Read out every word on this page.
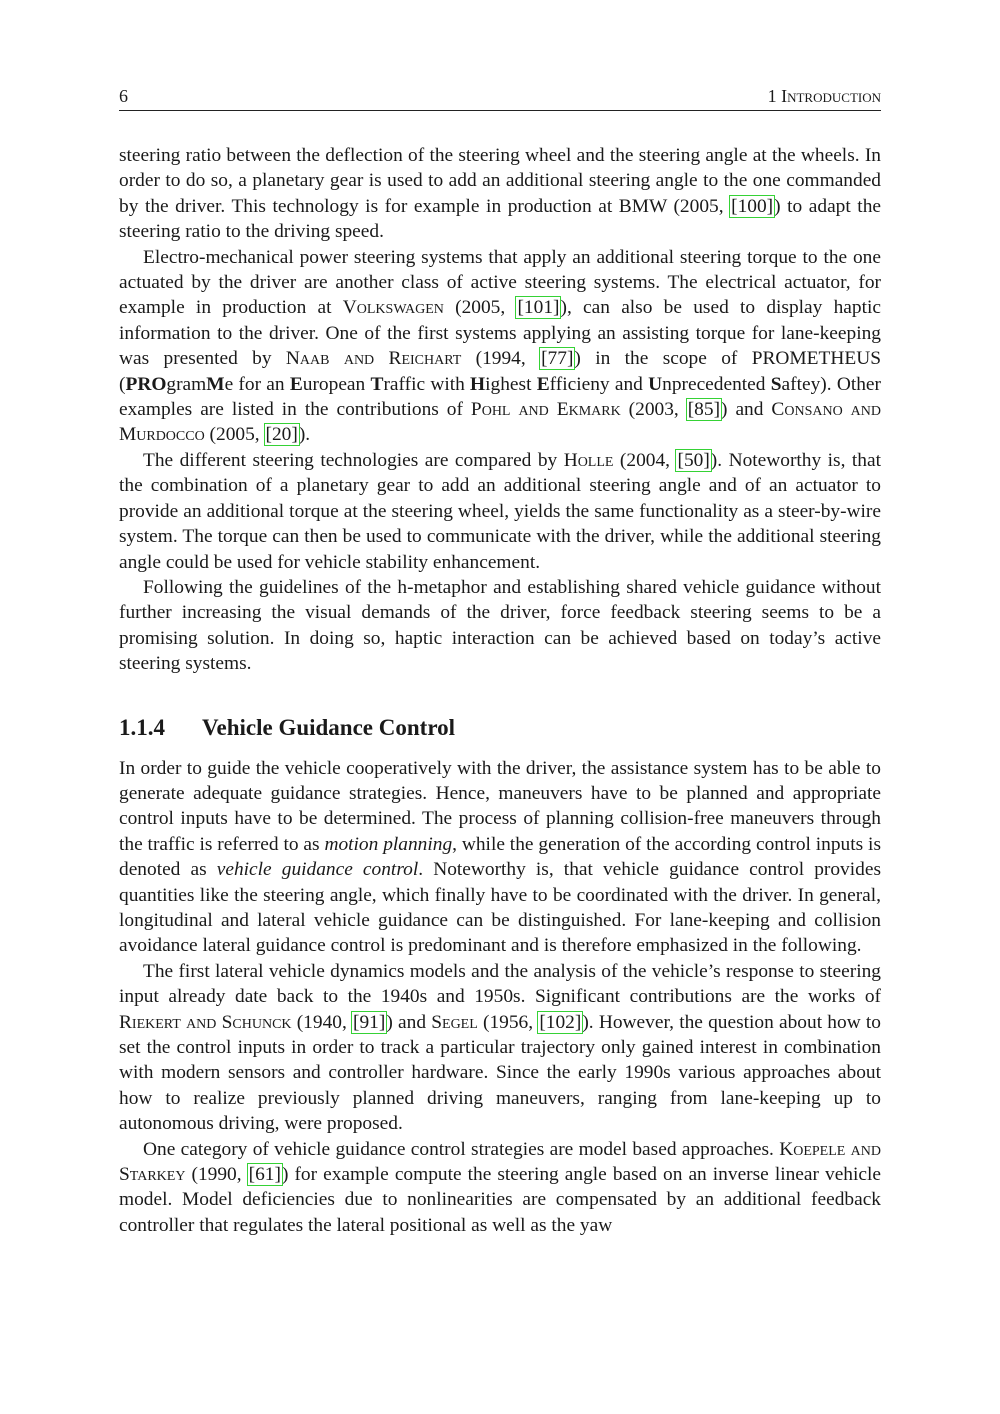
6	1 Introduction

steering ratio between the deflection of the steering wheel and the steering angle at the wheels. In order to do so, a planetary gear is used to add an additional steering angle to the one commanded by the driver. This technology is for example in production at BMW (2005, [100]) to adapt the steering ratio to the driving speed.

Electro-mechanical power steering systems that apply an additional steering torque to the one actuated by the driver are another class of active steering systems. The electrical actuator, for example in production at Volkswagen (2005, [101]), can also be used to display haptic information to the driver. One of the first systems applying an assisting torque for lane-keeping was presented by Naab and Reichart (1994, [77]) in the scope of PROMETHEUS (PROgramMe for an European Traffic with Highest Efficieny and Unprecedented Saftey). Other examples are listed in the contributions of Pohl and Ekmark (2003, [85]) and Consano and Murdocco (2005, [20]).

The different steering technologies are compared by Holle (2004, [50]). Noteworthy is, that the combination of a planetary gear to add an additional steering angle and of an actuator to provide an additional torque at the steering wheel, yields the same functionality as a steer-by-wire system. The torque can then be used to communicate with the driver, while the additional steering angle could be used for vehicle stability enhancement.

Following the guidelines of the h-metaphor and establishing shared vehicle guidance without further increasing the visual demands of the driver, force feedback steering seems to be a promising solution. In doing so, haptic interaction can be achieved based on today’s active steering systems.

1.1.4 Vehicle Guidance Control

In order to guide the vehicle cooperatively with the driver, the assistance system has to be able to generate adequate guidance strategies. Hence, maneuvers have to be planned and appropriate control inputs have to be determined. The process of planning collision-free maneuvers through the traffic is referred to as motion planning, while the generation of the according control inputs is denoted as vehicle guidance control. Noteworthy is, that vehicle guidance control provides quantities like the steering angle, which finally have to be coordinated with the driver. In general, longitudinal and lateral vehicle guidance can be distinguished. For lane-keeping and collision avoidance lateral guidance control is predominant and is therefore emphasized in the following.

The first lateral vehicle dynamics models and the analysis of the vehicle’s response to steering input already date back to the 1940s and 1950s. Significant contributions are the works of Riekert and Schunck (1940, [91]) and Segel (1956, [102]). However, the question about how to set the control inputs in order to track a particular trajectory only gained interest in combination with modern sensors and controller hardware. Since the early 1990s various approaches about how to realize previously planned driving maneuvers, ranging from lane-keeping up to autonomous driving, were proposed.

One category of vehicle guidance control strategies are model based approaches. Koepele and Starkey (1990, [61]) for example compute the steering angle based on an inverse linear vehicle model. Model deficiencies due to nonlinearities are compensated by an additional feedback controller that regulates the lateral positional as well as the yaw
